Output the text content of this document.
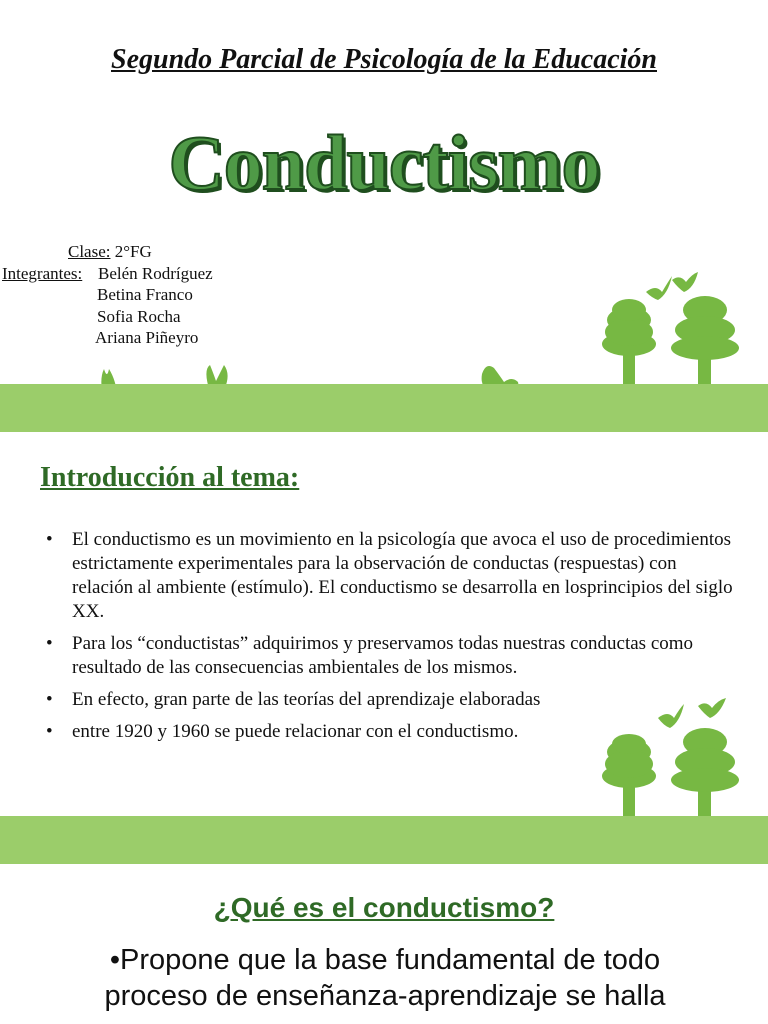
Segundo Parcial de Psicología de la Educación
Conductismo
Clase: 2°FG
Integrantes: Belén Rodríguez
Betina Franco
Sofia Rocha
Ariana Piñeyro
Introducción al tema:
• El conductismo es un movimiento en la psicología que avoca el uso de procedimientos estrictamente experimentales para la observación de conductas (respuestas) con relación al ambiente (estímulo). El conductismo se desarrolla en losprincipios del siglo XX.
• Para los “conductistas” adquirimos y preservamos todas nuestras conductas como resultado de las consecuencias ambientales de los mismos.
• En efecto, gran parte de las teorías del aprendizaje elaboradas
• entre 1920 y 1960 se puede relacionar con el conductismo.
¿Qué es el conductismo?
•Propone que la base fundamental de todo proceso de enseñanza-aprendizaje se halla
